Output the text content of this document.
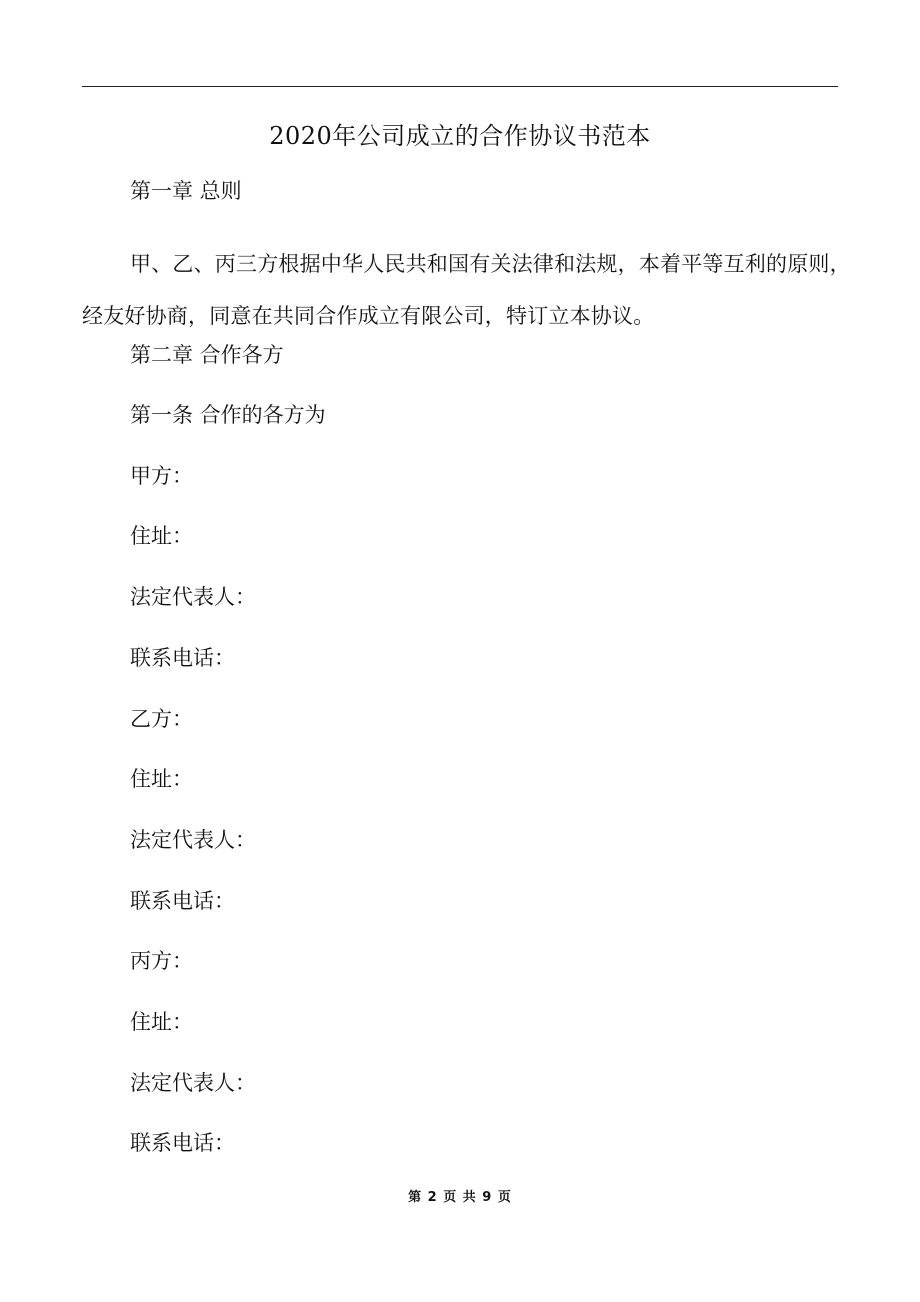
2020年公司成立的合作协议书范本
第一章 总则
甲、乙、丙三方根据中华人民共和国有关法律和法规，本着平等互利的原则，
经友好协商，同意在共同合作成立有限公司，特订立本协议。
第二章 合作各方
第一条 合作的各方为
甲方：
住址：
法定代表人：
联系电话：
乙方：
住址：
法定代表人：
联系电话：
丙方：
住址：
法定代表人：
联系电话：
第 2 页 共 9 页
